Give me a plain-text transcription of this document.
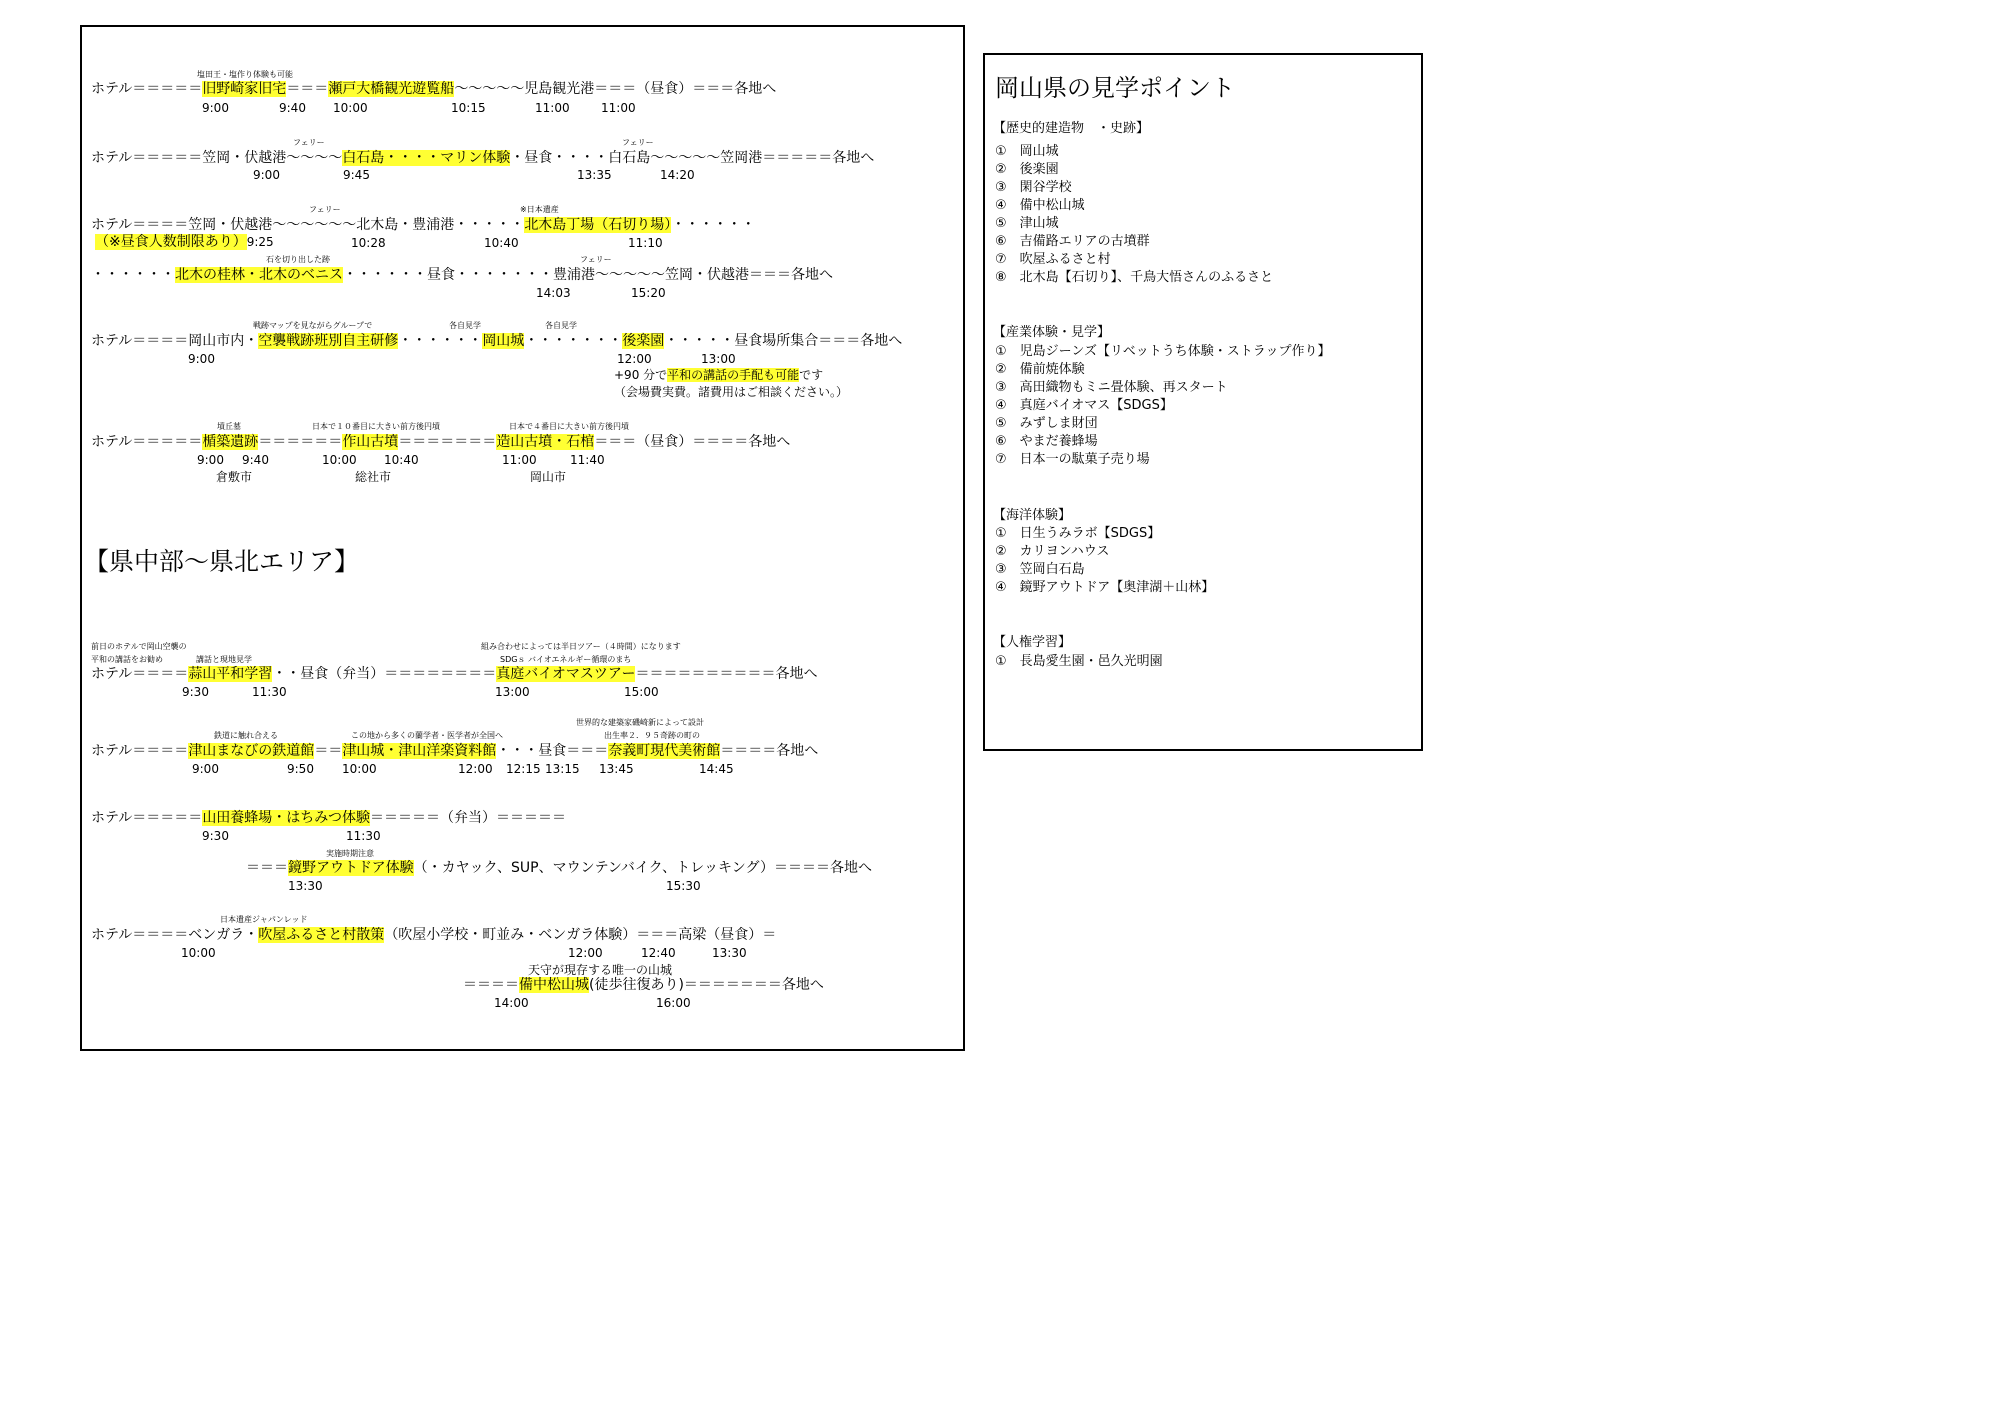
塩田王・塩作り体験も可能
ホテル＝＝＝＝＝旧野崎家旧宅＝＝＝瀬戸大橋観光遊覧船～～～～～児島観光港＝＝＝（昼食）＝＝＝各地へ
9:00	9:40 10:00	10:15	11:00	11:00
フェリー	フェリー
ホテル＝＝＝＝＝笠岡・伏越港～～～～白石島・・・・マリン体験・昼食・・・・白石島～～～～～笠岡港＝＝＝＝＝各地へ
9:00	9:45	13:35	14:20
フェリー	※日本遺産
ホテル＝＝＝＝笠岡・伏越港～～～～～～北木島・豊浦港・・・・・北木島丁場（石切り場）・・・・・・
（※昼食人数制限あり）9:25	10:28	10:40	11:10
石を切り出した跡	フェリー
・・・・・・北木の桂林・北木のベニス・・・・・・昼食・・・・・・・豊浦港～～～～～笠岡・伏越港＝＝＝各地へ
14:03	15:20
戦跡マップを見ながらグループで	各自見学	各自見学
ホテル＝＝＝＝岡山市内・空襲戦跡班別自主研修・・・・・・岡山城・・・・・・・後楽園・・・・・昼食場所集合＝＝＝各地へ
9:00	12:00	13:00
+90 分で平和の講話の手配も可能です
（会場費実費。諸費用はご相談ください。）
墳丘墓	日本で１０番目に大きい前方後円墳	日本で４番目に大きい前方後円墳
ホテル＝＝＝＝＝楯築遺跡＝＝＝＝＝＝作山古墳＝＝＝＝＝＝＝造山古墳・石棺＝＝＝（昼食）＝＝＝＝各地へ
9:00 9:40	10:00 10:40	11:00	11:40
倉敷市	総社市	岡山市
【県中部～県北エリア】
前日のホテルで岡山空襲の
平和の講話をお勧め	講話と現地見学
組み合わせによっては半日ツアー（４時間）になります
SDGｓ バイオエネルギー循環のまち
ホテル＝＝＝＝蒜山平和学習・・昼食（弁当）＝＝＝＝＝＝＝＝真庭バイオマスツアー＝＝＝＝＝＝＝＝＝＝各地へ
9:30	11:30	13:00	15:00
世界的な建築家磯崎新によって設計
鉄道に触れ合える	この地から多くの蘭学者・医学者が全国へ	出生率２．９５奇跡の町の
ホテル＝＝＝＝津山まなびの鉄道館＝＝津山城・津山洋楽資料館・・・昼食＝＝＝奈義町現代美術館＝＝＝＝各地へ
9:00	9:50 10:00	12:00 12:15 13:15 13:45	14:45
ホテル＝＝＝＝＝山田養蜂場・はちみつ体験＝＝＝＝＝（弁当）＝＝＝＝＝
9:30	11:30
実施時期注意
＝＝＝鏡野アウトドア体験（・カヤック、SUP、マウンテンバイク、トレッキング）＝＝＝＝各地へ
13:30	15:30
日本遺産ジャパンレッド
ホテル＝＝＝＝ベンガラ・吹屋ふるさと村散策（吹屋小学校・町並み・ベンガラ体験）＝＝＝高梁（昼食）＝
10:00	12:00	12:40	13:30
天守が現存する唯一の山城
＝＝＝＝備中松山城(徒歩往復あり)＝＝＝＝＝＝＝各地へ
14:00	16:00
岡山県の見学ポイント
【歴史的建造物　・史跡】
①　岡山城
②　後楽園
③　閑谷学校
④　備中松山城
⑤　津山城
⑥　吉備路エリアの古墳群
⑦　吹屋ふるさと村
⑧　北木島【石切り】、千鳥大悟さんのふるさと
【産業体験・見学】
①　児島ジーンズ【リベットうち体験・ストラップ作り】
②　備前焼体験
③　高田織物もミニ畳体験、再スタート
④　真庭バイオマス【SDGS】
⑤　みずしま財団
⑥　やまだ養蜂場
⑦　日本一の駄菓子売り場
【海洋体験】
①　日生うみラボ【SDGS】
②　カリヨンハウス
③　笠岡白石島
④　鏡野アウトドア【奥津湖＋山林】
【人権学習】
①　長島愛生園・邑久光明園
